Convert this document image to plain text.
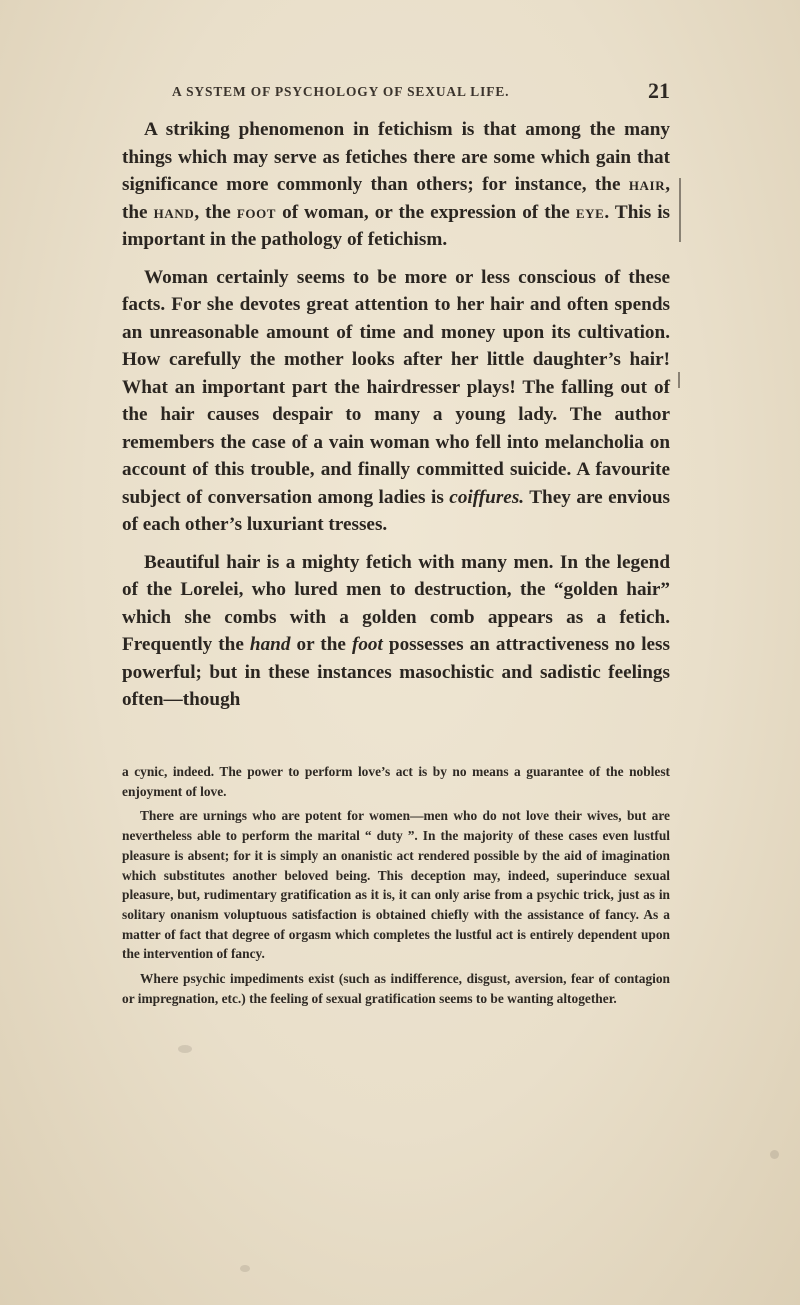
A SYSTEM OF PSYCHOLOGY OF SEXUAL LIFE.	21

A striking phenomenon in fetichism is that among the many things which may serve as fetiches there are some which gain that significance more commonly than others; for instance, the hair, the hand, the foot of woman, or the expression of the eye. This is important in the pathology of fetichism.

Woman certainly seems to be more or less conscious of these facts. For she devotes great attention to her hair and often spends an unreasonable amount of time and money upon its cultivation. How carefully the mother looks after her little daughter’s hair! What an important part the hairdresser plays! The falling out of the hair causes despair to many a young lady. The author remembers the case of a vain woman who fell into melancholia on account of this trouble, and finally committed suicide. A favourite subject of conversation among ladies is coiffures. They are envious of each other’s luxuriant tresses.

Beautiful hair is a mighty fetich with many men. In the legend of the Lorelei, who lured men to destruction, the “golden hair” which she combs with a golden comb appears as a fetich. Frequently the hand or the foot possesses an attractiveness no less powerful; but in these instances masochistic and sadistic feelings often—though

a cynic, indeed. The power to perform love’s act is by no means a guarantee of the noblest enjoyment of love.

There are urnings who are potent for women—men who do not love their wives, but are nevertheless able to perform the marital “ duty ”. In the majority of these cases even lustful pleasure is absent; for it is simply an onanistic act rendered possible by the aid of imagination which substitutes another beloved being. This deception may, indeed, superinduce sexual pleasure, but, rudimentary gratification as it is, it can only arise from a psychic trick, just as in solitary onanism voluptuous satisfaction is obtained chiefly with the assistance of fancy. As a matter of fact that degree of orgasm which completes the lustful act is entirely dependent upon the intervention of fancy.

Where psychic impediments exist (such as indifference, disgust, aversion, fear of contagion or impregnation, etc.) the feeling of sexual gratification seems to be wanting altogether.
